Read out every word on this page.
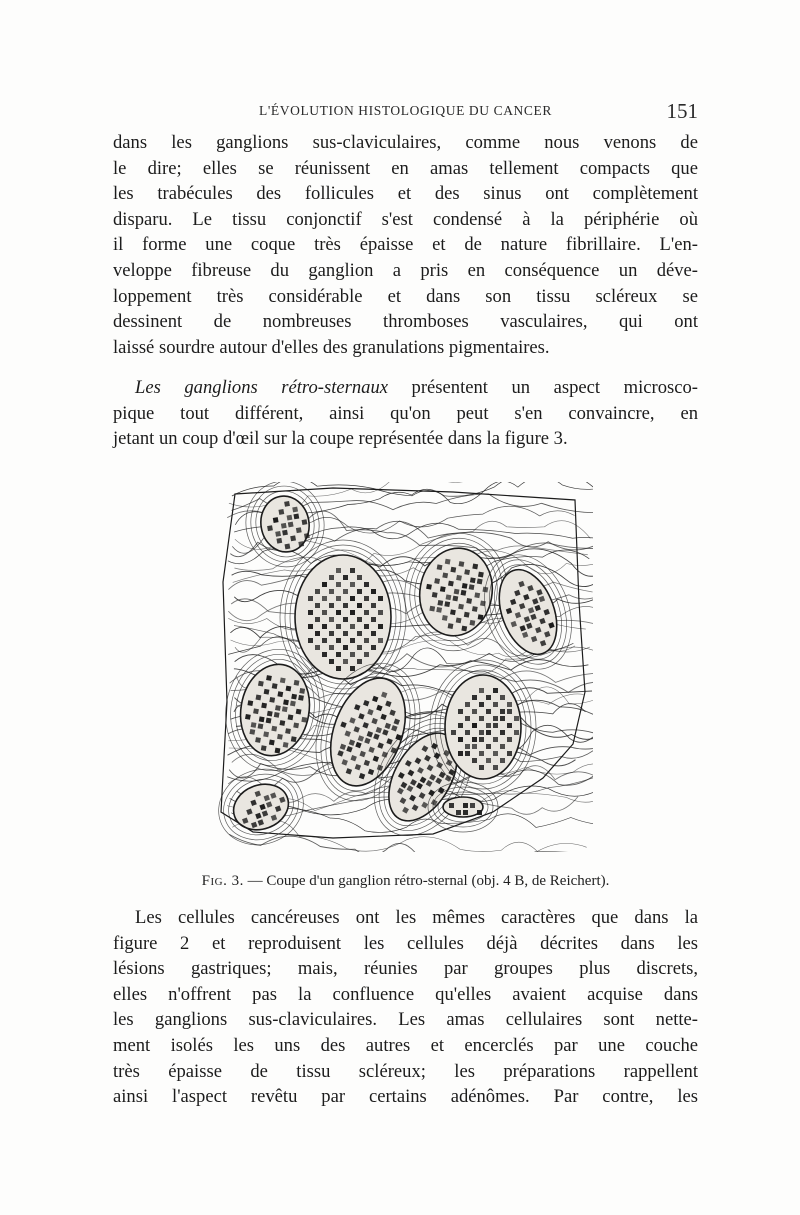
L'ÉVOLUTION HISTOLOGIQUE DU CANCER	151

dans les ganglions sus-claviculaires, comme nous venons de
le dire; elles se réunissent en amas tellement compacts que
les trabécules des follicules et des sinus ont complètement
disparu. Le tissu conjonctif s'est condensé à la périphérie où
il forme une coque très épaisse et de nature fibrillaire. L'en-
veloppe fibreuse du ganglion a pris en conséquence un déve-
loppement très considérable et dans son tissu scléreux se
dessinent de nombreuses thromboses vasculaires, qui ont
laissé sourdre autour d'elles des granulations pigmentaires.

Les ganglions rétro-sternaux présentent un aspect microsco-
pique tout différent, ainsi qu'on peut s'en convaincre, en
jetant un coup d'œil sur la coupe représentée dans la figure 3.

Fig. 3. — Coupe d'un ganglion rétro-sternal (obj. 4 B, de Reichert).

Les cellules cancéreuses ont les mêmes caractères que dans la
figure 2 et reproduisent les cellules déjà décrites dans les
lésions gastriques; mais, réunies par groupes plus discrets,
elles n'offrent pas la confluence qu'elles avaient acquise dans
les ganglions sus-claviculaires. Les amas cellulaires sont nette-
ment isolés les uns des autres et encerclés par une couche
très épaisse de tissu scléreux; les préparations rappellent
ainsi l'aspect revêtu par certains adénômes. Par contre, les
